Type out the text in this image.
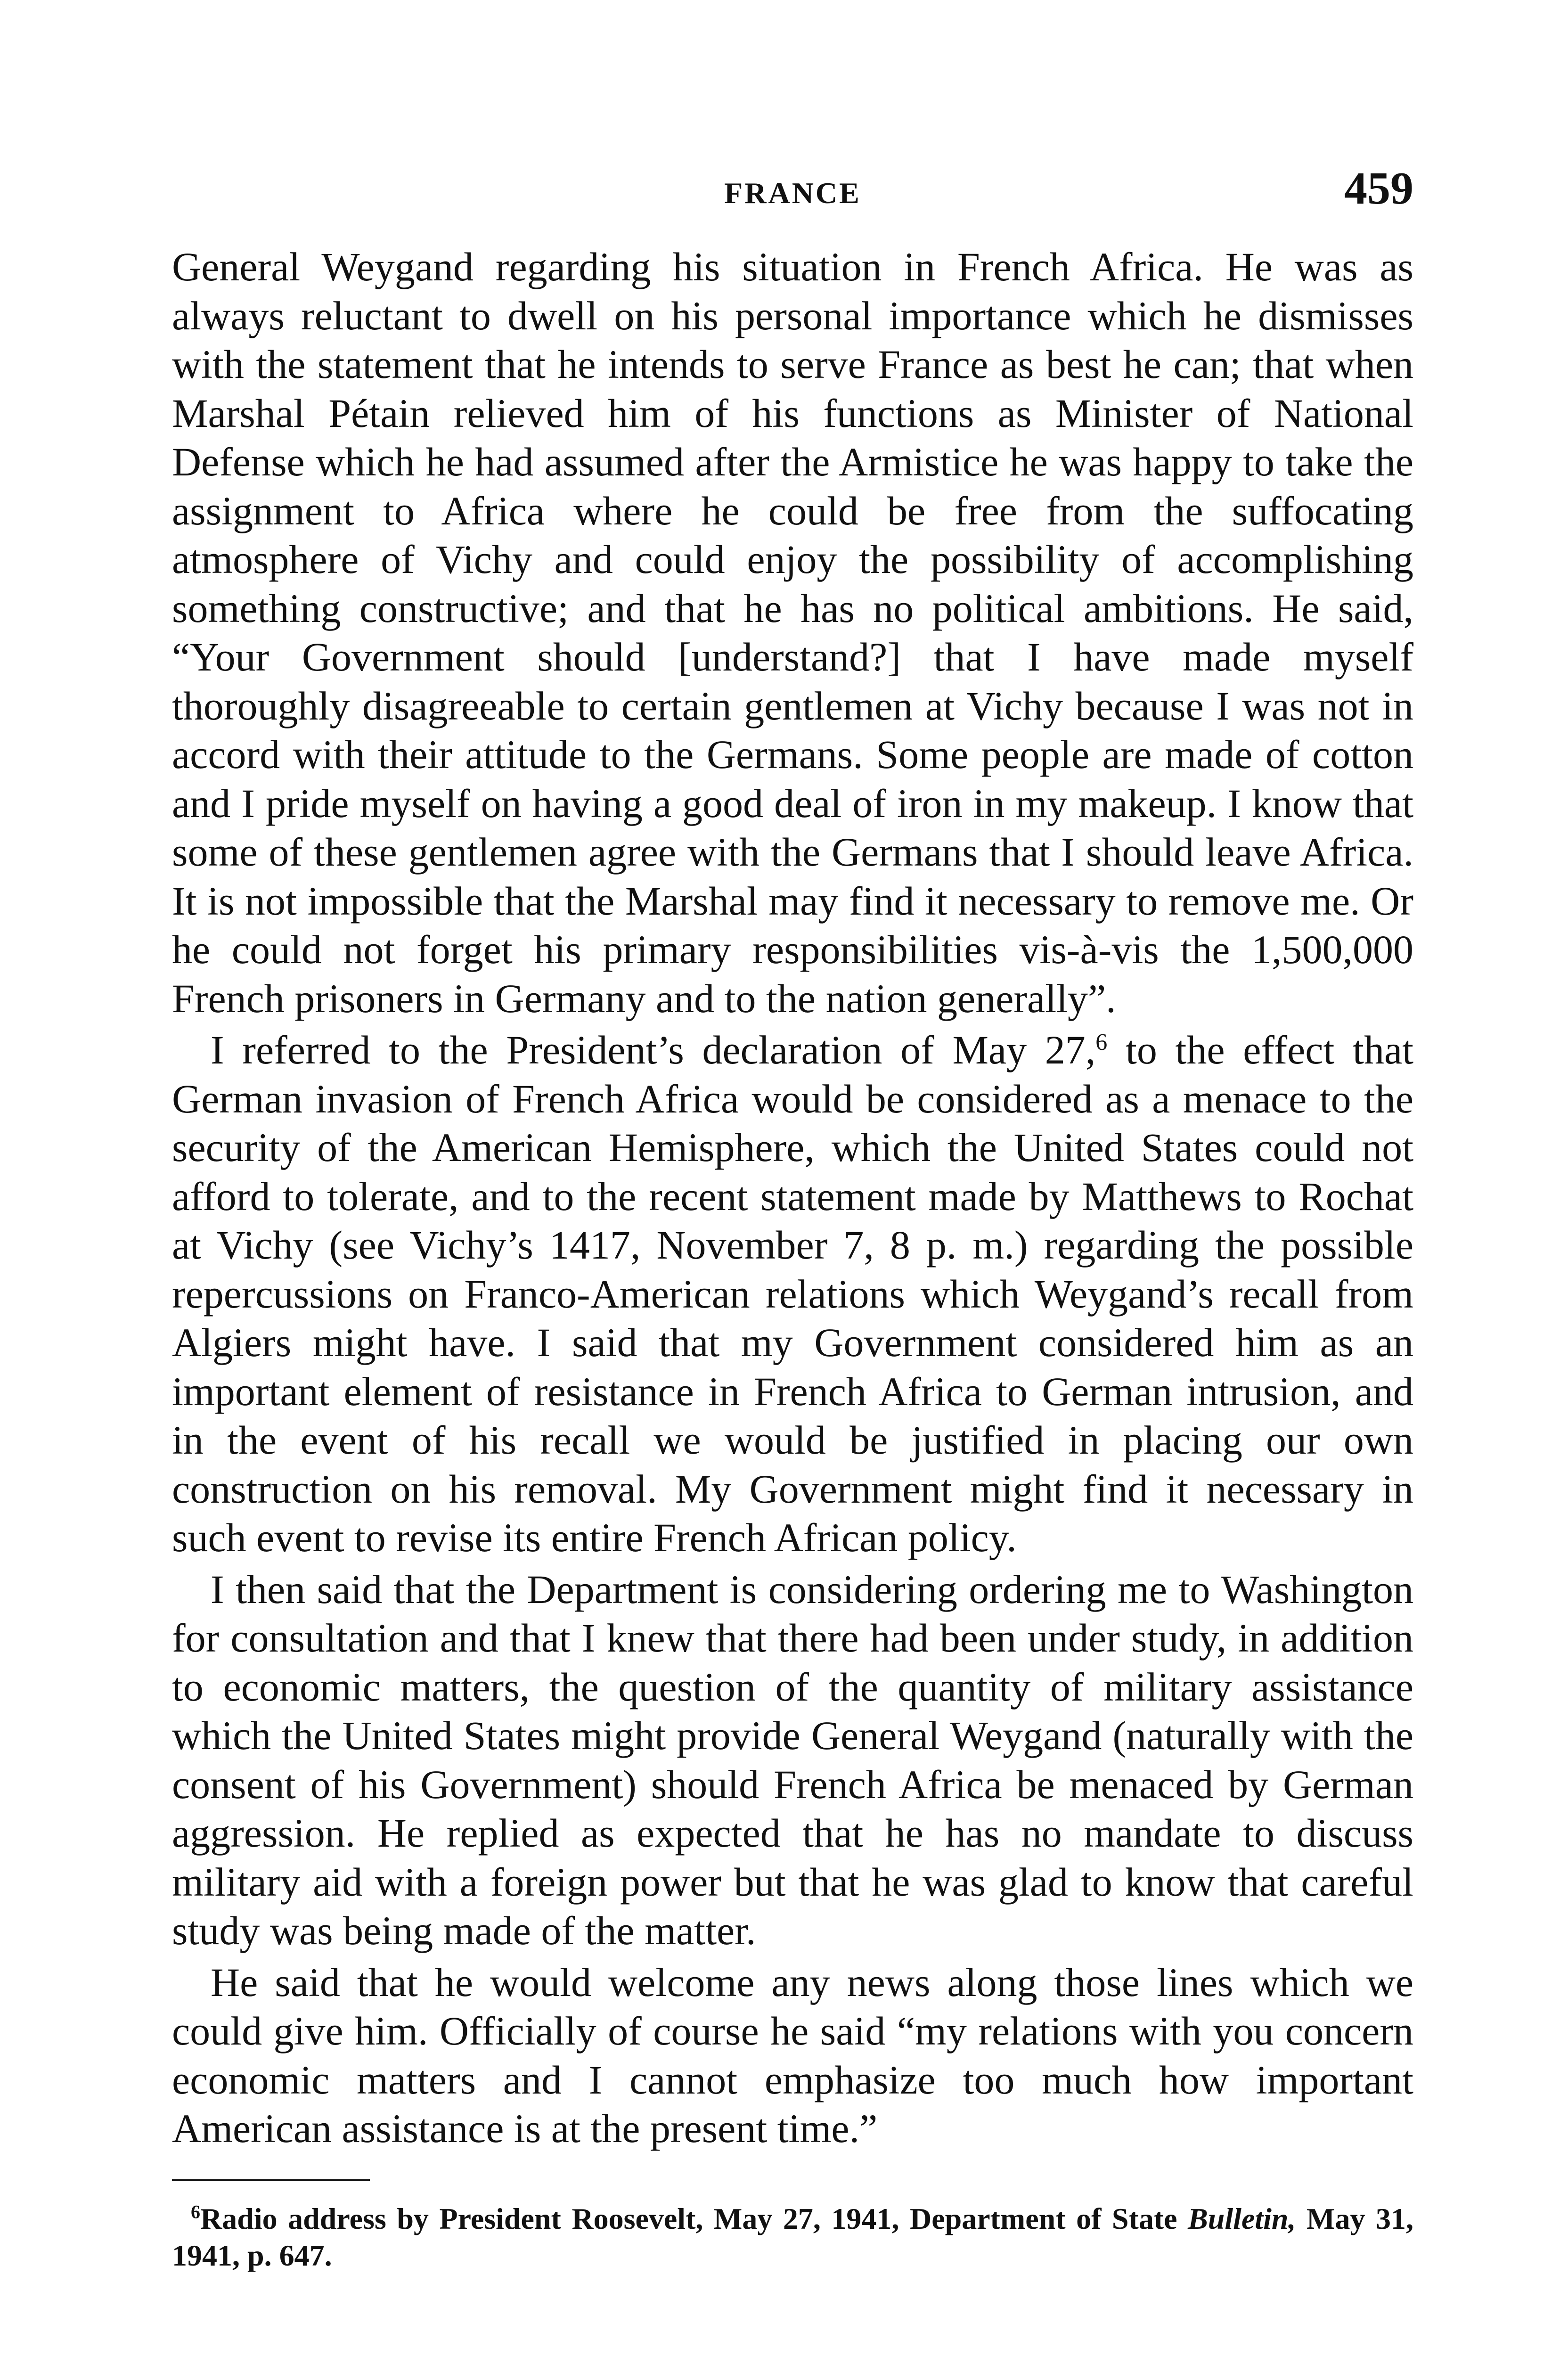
FRANCE	459

General Weygand regarding his situation in French Africa. He was as always reluctant to dwell on his personal importance which he dismisses with the statement that he intends to serve France as best he can; that when Marshal Pétain relieved him of his functions as Minister of National Defense which he had assumed after the Armistice he was happy to take the assignment to Africa where he could be free from the suffocating atmosphere of Vichy and could enjoy the possibility of accomplishing something constructive; and that he has no political ambitions. He said, “Your Government should [understand?] that I have made myself thoroughly disagreeable to certain gentlemen at Vichy because I was not in accord with their attitude to the Germans. Some people are made of cotton and I pride myself on having a good deal of iron in my makeup. I know that some of these gentlemen agree with the Germans that I should leave Africa. It is not impossible that the Marshal may find it necessary to remove me. Or he could not forget his primary responsibilities vis-à-vis the 1,500,000 French prisoners in Germany and to the nation generally”.

I referred to the President’s declaration of May 27,$^6$ to the effect that German invasion of French Africa would be considered as a menace to the security of the American Hemisphere, which the United States could not afford to tolerate, and to the recent statement made by Matthews to Rochat at Vichy (see Vichy’s 1417, November 7, 8 p. m.) regarding the possible repercussions on Franco-American relations which Weygand’s recall from Algiers might have. I said that my Government considered him as an important element of resistance in French Africa to German intrusion, and in the event of his recall we would be justified in placing our own construction on his removal. My Government might find it necessary in such event to revise its entire French African policy.

I then said that the Department is considering ordering me to Washington for consultation and that I knew that there had been under study, in addition to economic matters, the question of the quantity of military assistance which the United States might provide General Weygand (naturally with the consent of his Government) should French Africa be menaced by German aggression. He replied as expected that he has no mandate to discuss military aid with a foreign power but that he was glad to know that careful study was being made of the matter.

He said that he would welcome any news along those lines which we could give him. Officially of course he said “my relations with you concern economic matters and I cannot emphasize too much how important American assistance is at the present time.”

$^6$Radio address by President Roosevelt, May 27, 1941, Department of State Bulletin, May 31, 1941, p. 647.
